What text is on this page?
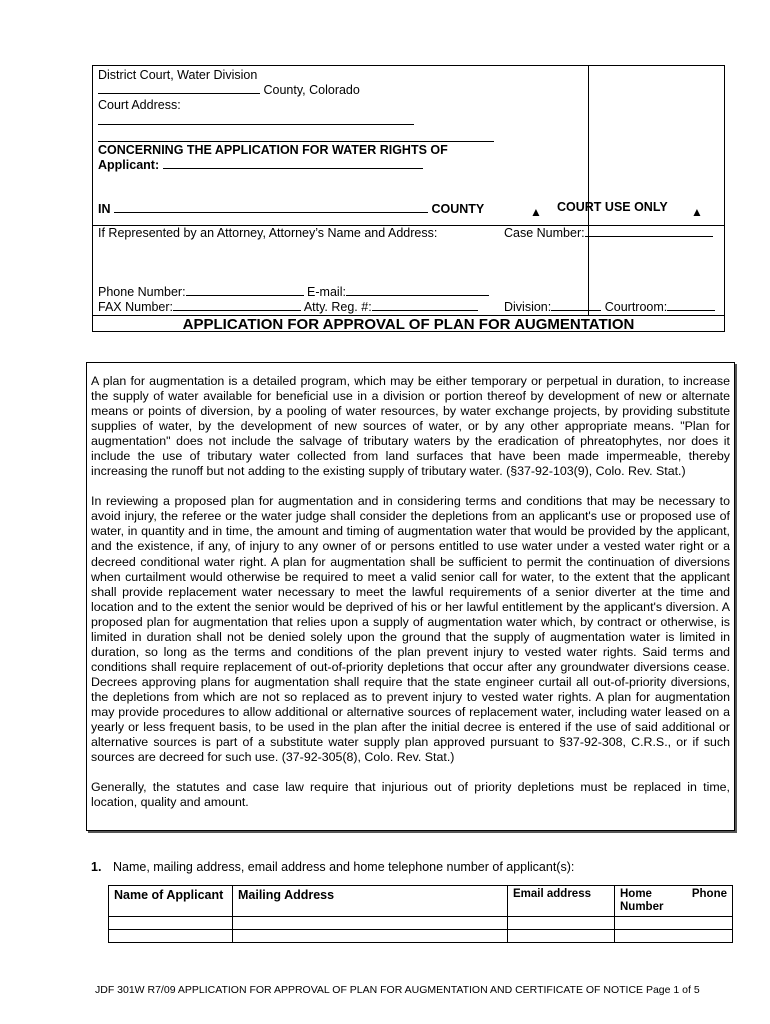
District Court, Water Division
County, Colorado
Court Address:
CONCERNING THE APPLICATION FOR WATER RIGHTS OF
Applicant:
IN	COUNTY
If Represented by an Attorney, Attorney’s Name and Address:
Phone Number:	E-mail:
FAX Number:	Atty. Reg. #:
▲ COURT USE ONLY ▲
Case Number:
Division:	Courtroom:
APPLICATION FOR APPROVAL OF PLAN FOR AUGMENTATION

A plan for augmentation is a detailed program, which may be either temporary or perpetual in duration, to increase the supply of water available for beneficial use in a division or portion thereof by development of new or alternate means or points of diversion, by a pooling of water resources, by water exchange projects, by providing substitute supplies of water, by the development of new sources of water, or by any other appropriate means. "Plan for augmentation" does not include the salvage of tributary waters by the eradication of phreatophytes, nor does it include the use of tributary water collected from land surfaces that have been made impermeable, thereby increasing the runoff but not adding to the existing supply of tributary water. (§37-92-103(9), Colo. Rev. Stat.)

In reviewing a proposed plan for augmentation and in considering terms and conditions that may be necessary to avoid injury, the referee or the water judge shall consider the depletions from an applicant's use or proposed use of water, in quantity and in time, the amount and timing of augmentation water that would be provided by the applicant, and the existence, if any, of injury to any owner of or persons entitled to use water under a vested water right or a decreed conditional water right. A plan for augmentation shall be sufficient to permit the continuation of diversions when curtailment would otherwise be required to meet a valid senior call for water, to the extent that the applicant shall provide replacement water necessary to meet the lawful requirements of a senior diverter at the time and location and to the extent the senior would be deprived of his or her lawful entitlement by the applicant's diversion. A proposed plan for augmentation that relies upon a supply of augmentation water which, by contract or otherwise, is limited in duration shall not be denied solely upon the ground that the supply of augmentation water is limited in duration, so long as the terms and conditions of the plan prevent injury to vested water rights. Said terms and conditions shall require replacement of out-of-priority depletions that occur after any groundwater diversions cease. Decrees approving plans for augmentation shall require that the state engineer curtail all out-of-priority diversions, the depletions from which are not so replaced as to prevent injury to vested water rights. A plan for augmentation may provide procedures to allow additional or alternative sources of replacement water, including water leased on a yearly or less frequent basis, to be used in the plan after the initial decree is entered if the use of said additional or alternative sources is part of a substitute water supply plan approved pursuant to §37-92-308, C.R.S., or if such sources are decreed for such use. (37-92-305(8), Colo. Rev. Stat.)

Generally, the statutes and case law require that injurious out of priority depletions must be replaced in time, location, quality and amount.

1. Name, mailing address, email address and home telephone number of applicant(s):
Name of Applicant	Mailing Address	Email address	Home Phone
Number

JDF 301W R7/09 APPLICATION FOR APPROVAL OF PLAN FOR AUGMENTATION AND CERTIFICATE OF NOTICE Page 1 of 5
